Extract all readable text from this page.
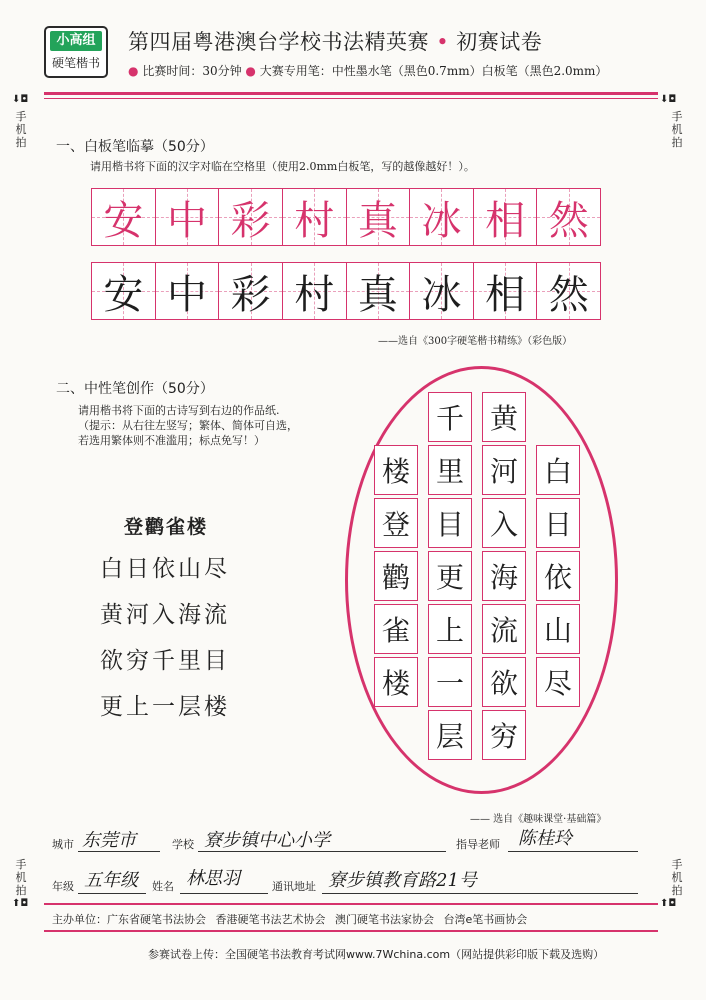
小高组
硬笔楷书
第四届粤港澳台学校书法精英赛 • 初赛试卷
● 比赛时间：30分钟 ● 大赛专用笔：中性墨水笔（黑色0.7mm）白板笔（黑色2.0mm）
⬇◘
手
机
拍
⬇◘
手
机
拍
手
机
拍
⬆◘
手
机
拍
⬆◘
一、白板笔临摹（50分）
请用楷书将下面的汉字对临在空格里（使用2.0mm白板笔，写的越像越好！）。
安 中 彩 村 真 冰 相 然
安 中 彩 村 真 冰 相 然
——选自《300字硬笔楷书精练》（彩色版）
二、中性笔创作（50分）
请用楷书将下面的古诗写到右边的作品纸.
（提示：从右往左竖写；繁体、简体可自选，
若选用繁体则不准滥用；标点免写！）
登鹳雀楼
白日依山尽
黄河入海流
欲穷千里目
更上一层楼
白
日
依
山
尽
黄
河
入
海
流
欲
穷
千
里
目
更
上
一
层
楼
登
鹳
雀
楼
—— 选自《趣味课堂·基础篇》
城市 东莞市	学校 寮步镇中心小学	指导老师 陈桂玲
年级 五年级 姓名 林思羽	通讯地址 寮步镇教育路21号
主办单位：广东省硬笔书法协会 香港硬笔书法艺术协会 澳门硬笔书法家协会 台湾e笔书画协会
参赛试卷上传：全国硬笔书法教育考试网www.7Wchina.com（网站提供彩印版下载及选购）
